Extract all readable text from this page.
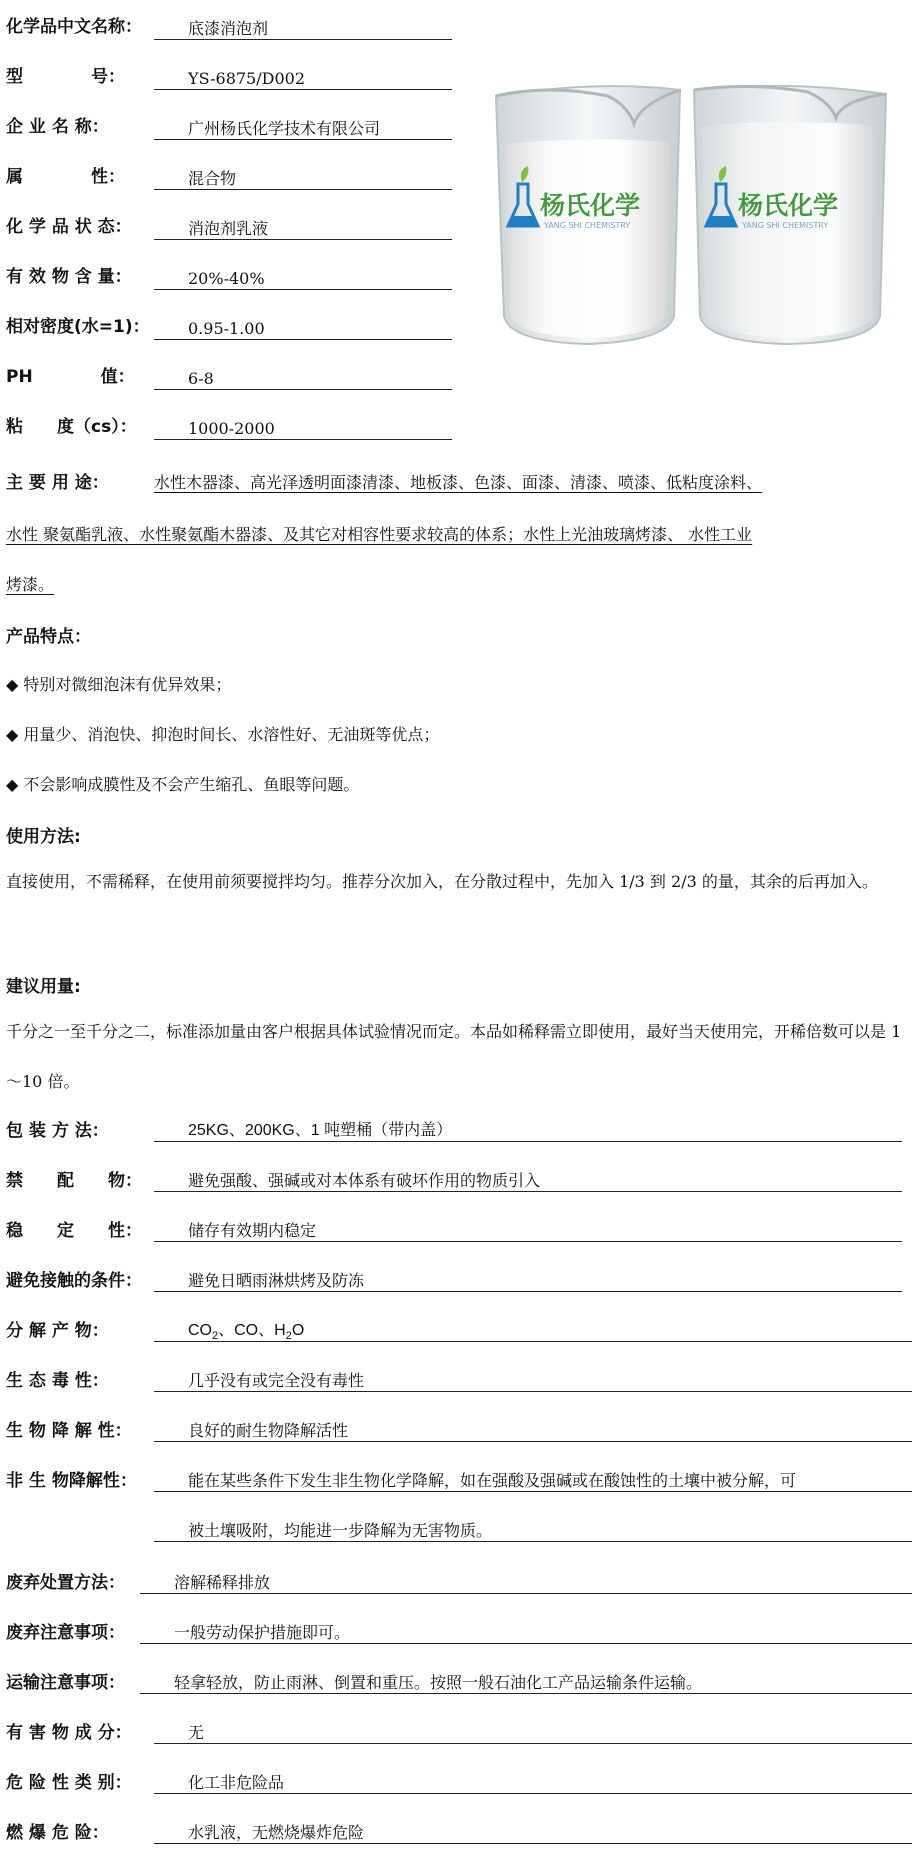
化学品中文名称：	底漆消泡剂
型　　　　号：	YS-6875/D002
企 业 名 称：	广州杨氏化学技术有限公司
属　　　　性：	混合物
化 学 品 状 态：	消泡剂乳液
有 效 物 含 量：	20%-40%
相对密度(水=1)：	0.95-1.00
PH　　　　值：	6-8
粘　　度（cs）：	1000-2000
杨氏化学
YANG SHI CHEMISTRY
杨氏化学
YANG SHI CHEMISTRY
主 要 用 途：	水性木器漆、高光泽透明面漆清漆、地板漆、色漆、面漆、清漆、喷漆、低粘度涂料、
水性 聚氨酯乳液、水性聚氨酯木器漆、及其它对相容性要求较高的体系；水性上光油玻璃烤漆、 水性工业
烤漆。
产品特点：
◆ 特别对微细泡沫有优异效果；
◆ 用量少、消泡快、抑泡时间长、水溶性好、无油斑等优点；
◆ 不会影响成膜性及不会产生缩孔、鱼眼等问题。
使用方法:
直接使用，不需稀释，在使用前须要搅拌均匀。推荐分次加入，在分散过程中，先加入 1/3 到 2/3 的量，其余的后再加入。
建议用量:
千分之一至千分之二，标准添加量由客户根据具体试验情况而定。本品如稀释需立即使用，最好当天使用完，开稀倍数可以是 1～10 倍。
包 装 方 法：	25KG、200KG、1 吨塑桶（带内盖）
禁　　配　　物：	避免强酸、强碱或对本体系有破坏作用的物质引入
稳　　定　　性：	储存有效期内稳定
避免接触的条件：	避免日晒雨淋烘烤及防冻
分 解 产 物：	$CO_2$、CO、$H_2O$
生 态 毒 性：	几乎没有或完全没有毒性
生 物 降 解 性：	良好的耐生物降解活性
非 生 物降解性：	能在某些条件下发生非生物化学降解，如在强酸及强碱或在酸蚀性的土壤中被分解，可
被土壤吸附，均能进一步降解为无害物质。
废弃处置方法：	溶解稀释排放
废弃注意事项：	一般劳动保护措施即可。
运输注意事项：	轻拿轻放，防止雨淋、倒置和重压。按照一般石油化工产品运输条件运输。
有 害 物 成 分：	无
危 险 性 类 别：	化工非危险品
燃 爆 危 险：	水乳液，无燃烧爆炸危险
